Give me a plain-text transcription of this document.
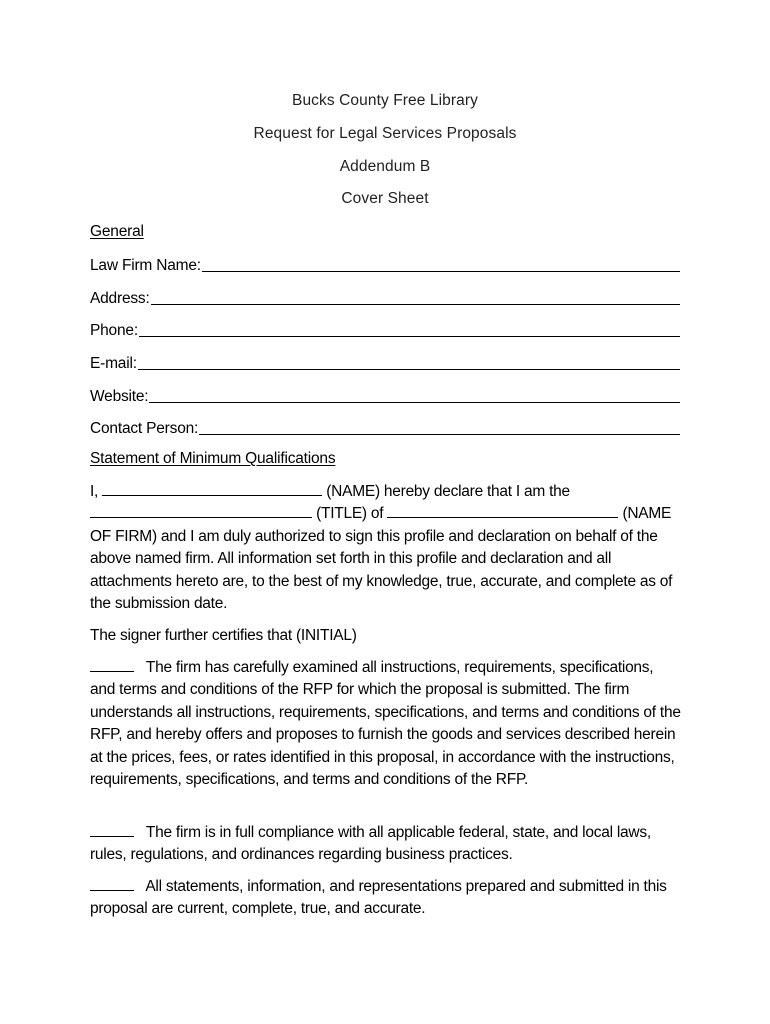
Bucks County Free Library
Request for Legal Services Proposals
Addendum B
Cover Sheet
General
Law Firm Name:
Address:
Phone:
E-mail:
Website:
Contact Person:
Statement of Minimum Qualifications
I,	(NAME) hereby declare that I am the
(TITLE) of	(NAME OF FIRM) and I am duly authorized to sign this profile and declaration on behalf of the above named firm. All information set forth in this profile and declaration and all attachments hereto are, to the best of my knowledge, true, accurate, and complete as of the submission date.
The signer further certifies that (INITIAL)
The firm has carefully examined all instructions, requirements, specifications, and terms and conditions of the RFP for which the proposal is submitted. The firm understands all instructions, requirements, specifications, and terms and conditions of the RFP, and hereby offers and proposes to furnish the goods and services described herein at the prices, fees, or rates identified in this proposal, in accordance with the instructions, requirements, specifications, and terms and conditions of the RFP.
The firm is in full compliance with all applicable federal, state, and local laws, rules, regulations, and ordinances regarding business practices.
All statements, information, and representations prepared and submitted in this proposal are current, complete, true, and accurate.
